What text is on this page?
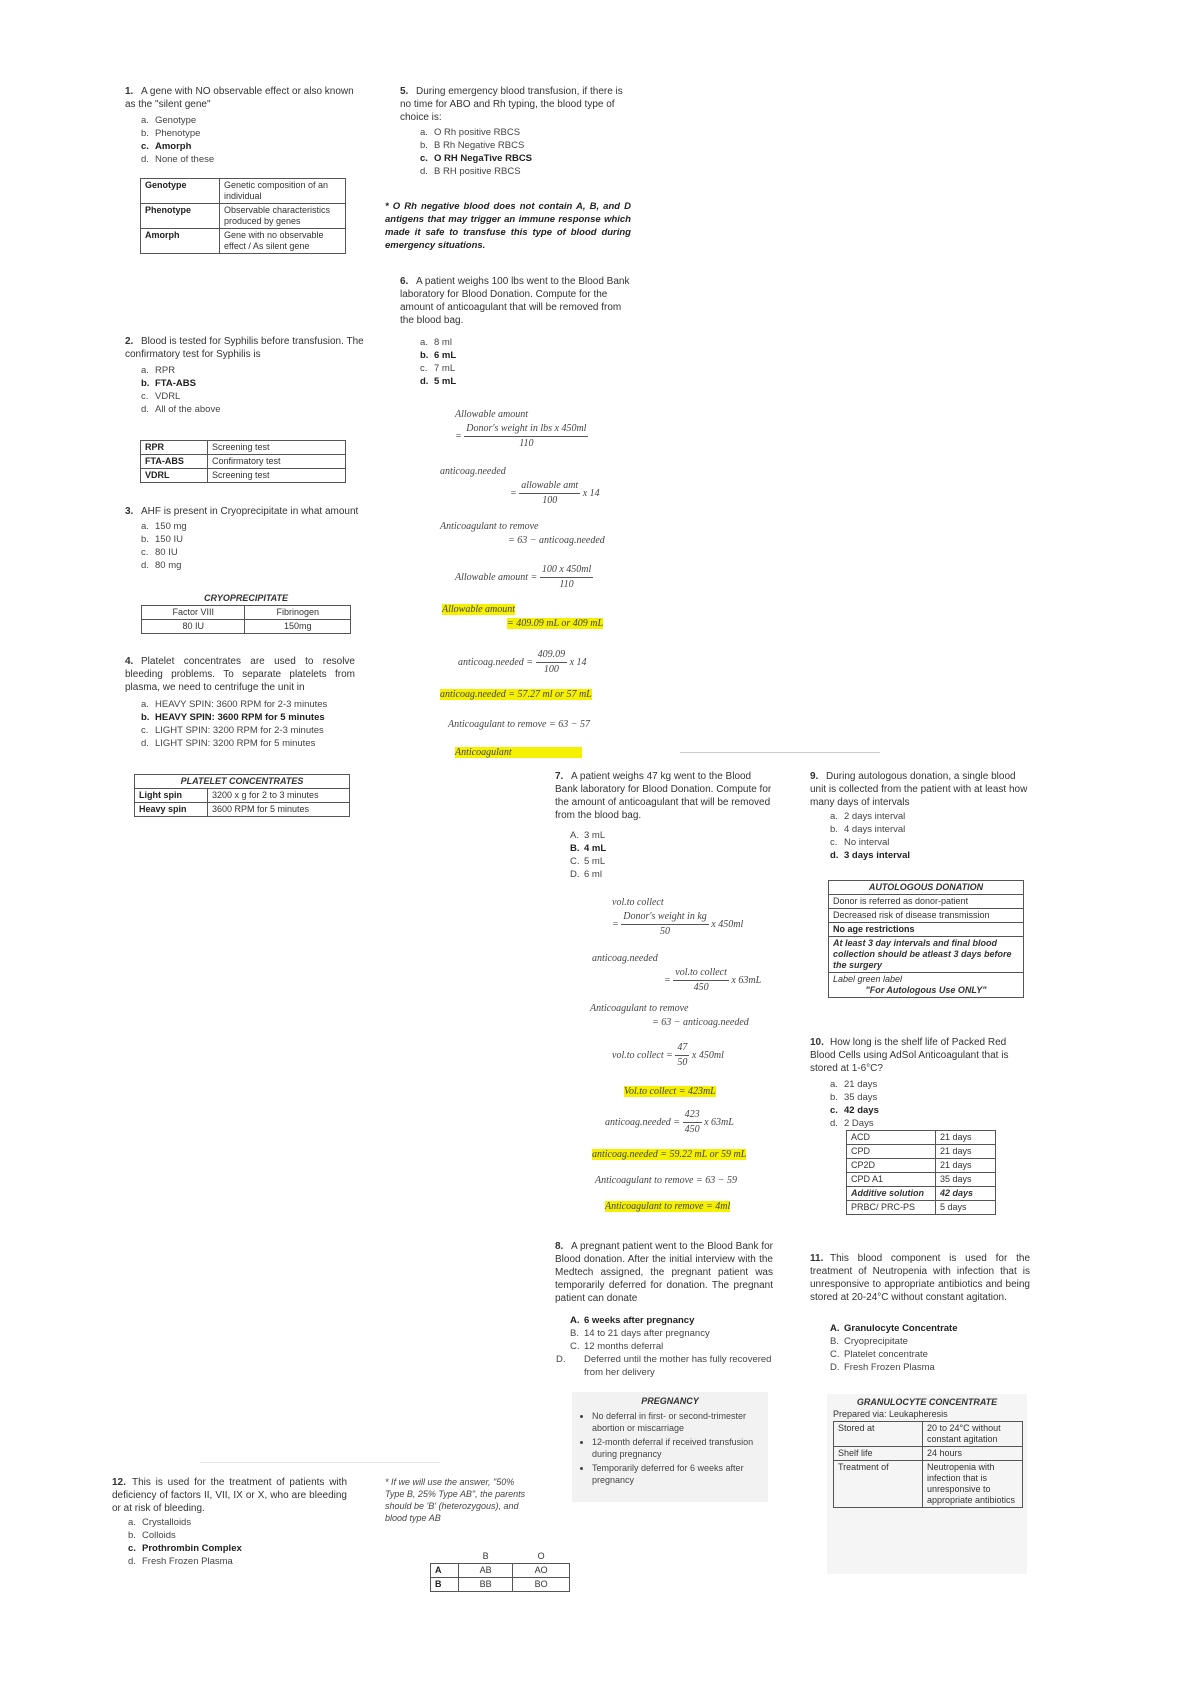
1. A gene with NO observable effect or also known as the "silent gene"
a. Genotype
b. Phenotype
c. Amorph
d. None of these
Genotype	Genetic composition of an individual
Phenotype	Observable characteristics produced by genes
Amorph	Gene with no observable effect / As silent gene
2. Blood is tested for Syphilis before transfusion. The confirmatory test for Syphilis is
a. RPR
b. FTA-ABS
c. VDRL
d. All of the above
RPR	Screening test
FTA-ABS	Confirmatory test
VDRL	Screening test
3. AHF is present in Cryoprecipitate in what amount
a. 150 mg
b. 150 IU
c. 80 IU
d. 80 mg
CRYOPRECIPITATE	
Factor VIII	Fibrinogen
80 IU	150mg
4. Platelet concentrates are used to resolve bleeding problems. To separate platelets from plasma, we need to centrifuge the unit in
a. HEAVY SPIN: 3600 RPM for 2-3 minutes
b. HEAVY SPIN: 3600 RPM for 5 minutes
c. LIGHT SPIN: 3200 RPM for 2-3 minutes
d. LIGHT SPIN: 3200 RPM for 5 minutes
PLATELET CONCENTRATES	
Light spin	3200 x g for 2 to 3 minutes
Heavy spin	3600 RPM for 5 minutes
5. During emergency blood transfusion, if there is no time for ABO and Rh typing, the blood type of choice is:
a. O Rh positive RBCS
b. B Rh Negative RBCS
c. O RH NegaTive RBCS
d. B RH positive RBCS
* O Rh negative blood does not contain A, B, and D antigens that may trigger an immune response which made it safe to transfuse this type of blood during emergency situations.
6. A patient weighs 100 lbs went to the Blood Bank laboratory for Blood Donation. Compute for the amount of anticoagulant that will be removed from the blood bag.
a. 8 ml
b. 6 mL
c. 7 mL
d. 5 mL
Allowable amount
= $\frac{\text{Donor's weight in lbs x 450ml}}{110}$
anticoag.needed
= $\frac{\text{allowable amt}}{100}$ x 14
Anticoagulant to remove
= 63 − anticoag.needed
Allowable amount = $\frac{100 x 450ml}{110}$
Allowable amount
= 409.09 mL or 409 mL
anticoag.needed = $\frac{409.09}{100}$ x 14
anticoag.needed = 57.27 ml or 57 mL
Anticoagulant to remove = 63 − 57
Anticoagulant
7. A patient weighs 47 kg went to the Blood Bank laboratory for Blood Donation. Compute for the amount of anticoagulant that will be removed from the blood bag.
A. 3 mL
B. 4 mL
C. 5 mL
D. 6 ml
vol.to collect
= $\frac{\text{Donor's weight in kg}}{50}$ x 450ml
anticoag.needed
= $\frac{\text{vol.to collect}}{450}$ x 63mL
Anticoagulant to remove
= 63 − anticoag.needed
vol.to collect = $\frac{47}{50}$ x 450ml
Vol.to collect = 423mL
anticoag.needed = $\frac{423}{450}$ x 63mL
anticoag.needed = 59.22 mL or 59 mL
Anticoagulant to remove = 63 − 59
Anticoagulant to remove = 4ml
8. A pregnant patient went to the Blood Bank for Blood donation. After the initial interview with the Medtech assigned, the pregnant patient was temporarily deferred for donation. The pregnant patient can donate
A. 6 weeks after pregnancy
B. 14 to 21 days after pregnancy
C. 12 months deferral
D. Deferred until the mother has fully recovered from her delivery
PREGNANCY
• No deferral in first- or second-trimester abortion or miscarriage
• 12-month deferral if received transfusion during pregnancy
• Temporarily deferred for 6 weeks after pregnancy
9. During autologous donation, a single blood unit is collected from the patient with at least how many days of intervals
a. 2 days interval
b. 4 days interval
c. No interval
d. 3 days interval
AUTOLOGOUS DONATION
Donor is referred as donor-patient
Decreased risk of disease transmission
No age restrictions
At least 3 day intervals and final blood collection should be atleast 3 days before the surgery

Label green label
"For Autologous Use ONLY"
10. How long is the shelf life of Packed Red Blood Cells using AdSol Anticoagulant that is stored at 1-6°C?
a. 21 days
b. 35 days
c. 42 days
d. 2 Days
ACD	21 days
CPD	21 days
CP2D	21 days
CPD A1	35 days
Additive solution	42 days
PRBC/ PRC-PS	5 days
11. This blood component is used for the treatment of Neutropenia with infection that is unresponsive to appropriate antibiotics and being stored at 20-24°C without constant agitation.
A. Granulocyte Concentrate
B. Cryoprecipitate
C. Platelet concentrate
D. Fresh Frozen Plasma
GRANULOCYTE CONCENTRATE
Prepared via: Leukapheresis
Stored at	20 to 24°C without constant agitation
Shelf life	24 hours
Treatment of	Neutropenia with infection that is unresponsive to appropriate antibiotics
12. This is used for the treatment of patients with deficiency of factors II, VII, IX or X, who are bleeding or at risk of bleeding.
a. Crystalloids
b. Colloids
c. Prothrombin Complex
d. Fresh Frozen Plasma
* If we will use the answer, "50% Type B, 25% Type AB", the parents should be 'B' (heterozygous), and blood type AB
	B	O
A	AB	AO
B	BB	BO
